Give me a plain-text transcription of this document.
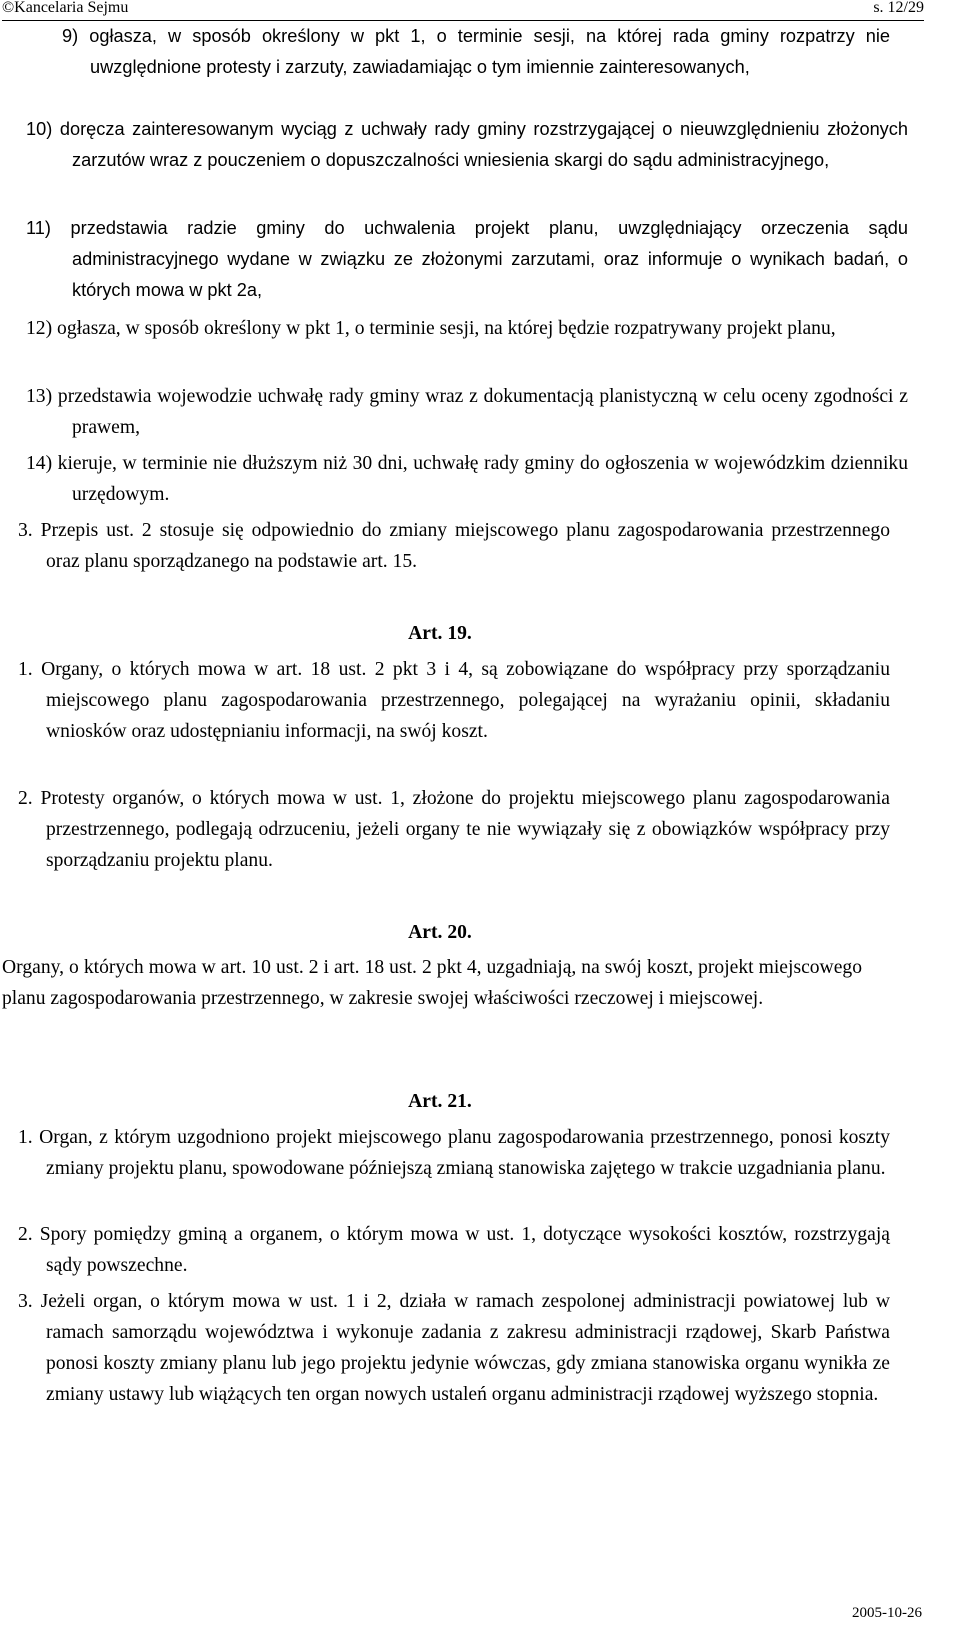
©Kancelaria Sejmu	s. 12/29

9) ogłasza, w sposób określony w pkt 1, o terminie sesji, na której rada gminy rozpatrzy nie uwzględnione protesty i zarzuty, zawiadamiając o tym imiennie zainteresowanych,

10) doręcza zainteresowanym wyciąg z uchwały rady gminy rozstrzygającej o nieuwzględnieniu złożonych zarzutów wraz z pouczeniem o dopuszczalności wniesienia skargi do sądu administracyjnego,

11) przedstawia radzie gminy do uchwalenia projekt planu, uwzględniający orzeczenia sądu administracyjnego wydane w związku ze złożonymi zarzutami, oraz informuje o wynikach badań, o których mowa w pkt 2a,

12) ogłasza, w sposób określony w pkt 1, o terminie sesji, na której będzie rozpatrywany projekt planu,

13) przedstawia wojewodzie uchwałę rady gminy wraz z dokumentacją planistyczną w celu oceny zgodności z prawem,

14) kieruje, w terminie nie dłuższym niż 30 dni, uchwałę rady gminy do ogłoszenia w wojewódzkim dzienniku urzędowym.

3. Przepis ust. 2 stosuje się odpowiednio do zmiany miejscowego planu zagospodarowania przestrzennego oraz planu sporządzanego na podstawie art. 15.

Art. 19.

1. Organy, o których mowa w art. 18 ust. 2 pkt 3 i 4, są zobowiązane do współpracy przy sporządzaniu miejscowego planu zagospodarowania przestrzennego, polegającej na wyrażaniu opinii, składaniu wniosków oraz udostępnianiu informacji, na swój koszt.

2. Protesty organów, o których mowa w ust. 1, złożone do projektu miejscowego planu zagospodarowania przestrzennego, podlegają odrzuceniu, jeżeli organy te nie wywiązały się z obowiązków współpracy przy sporządzaniu projektu planu.

Art. 20.

Organy, o których mowa w art. 10 ust. 2 i art. 18 ust. 2 pkt 4, uzgadniają, na swój koszt, projekt miejscowego planu zagospodarowania przestrzennego, w zakresie swojej właściwości rzeczowej i miejscowej.

Art. 21.

1. Organ, z którym uzgodniono projekt miejscowego planu zagospodarowania przestrzennego, ponosi koszty zmiany projektu planu, spowodowane późniejszą zmianą stanowiska zajętego w trakcie uzgadniania planu.

2. Spory pomiędzy gminą a organem, o którym mowa w ust. 1, dotyczące wysokości kosztów, rozstrzygają sądy powszechne.

3. Jeżeli organ, o którym mowa w ust. 1 i 2, działa w ramach zespolonej administracji powiatowej lub w ramach samorządu województwa i wykonuje zadania z zakresu administracji rządowej, Skarb Państwa ponosi koszty zmiany planu lub jego projektu jedynie wówczas, gdy zmiana stanowiska organu wynikła ze zmiany ustawy lub wiążących ten organ nowych ustaleń organu administracji rządowej wyższego stopnia.

2005-10-26
